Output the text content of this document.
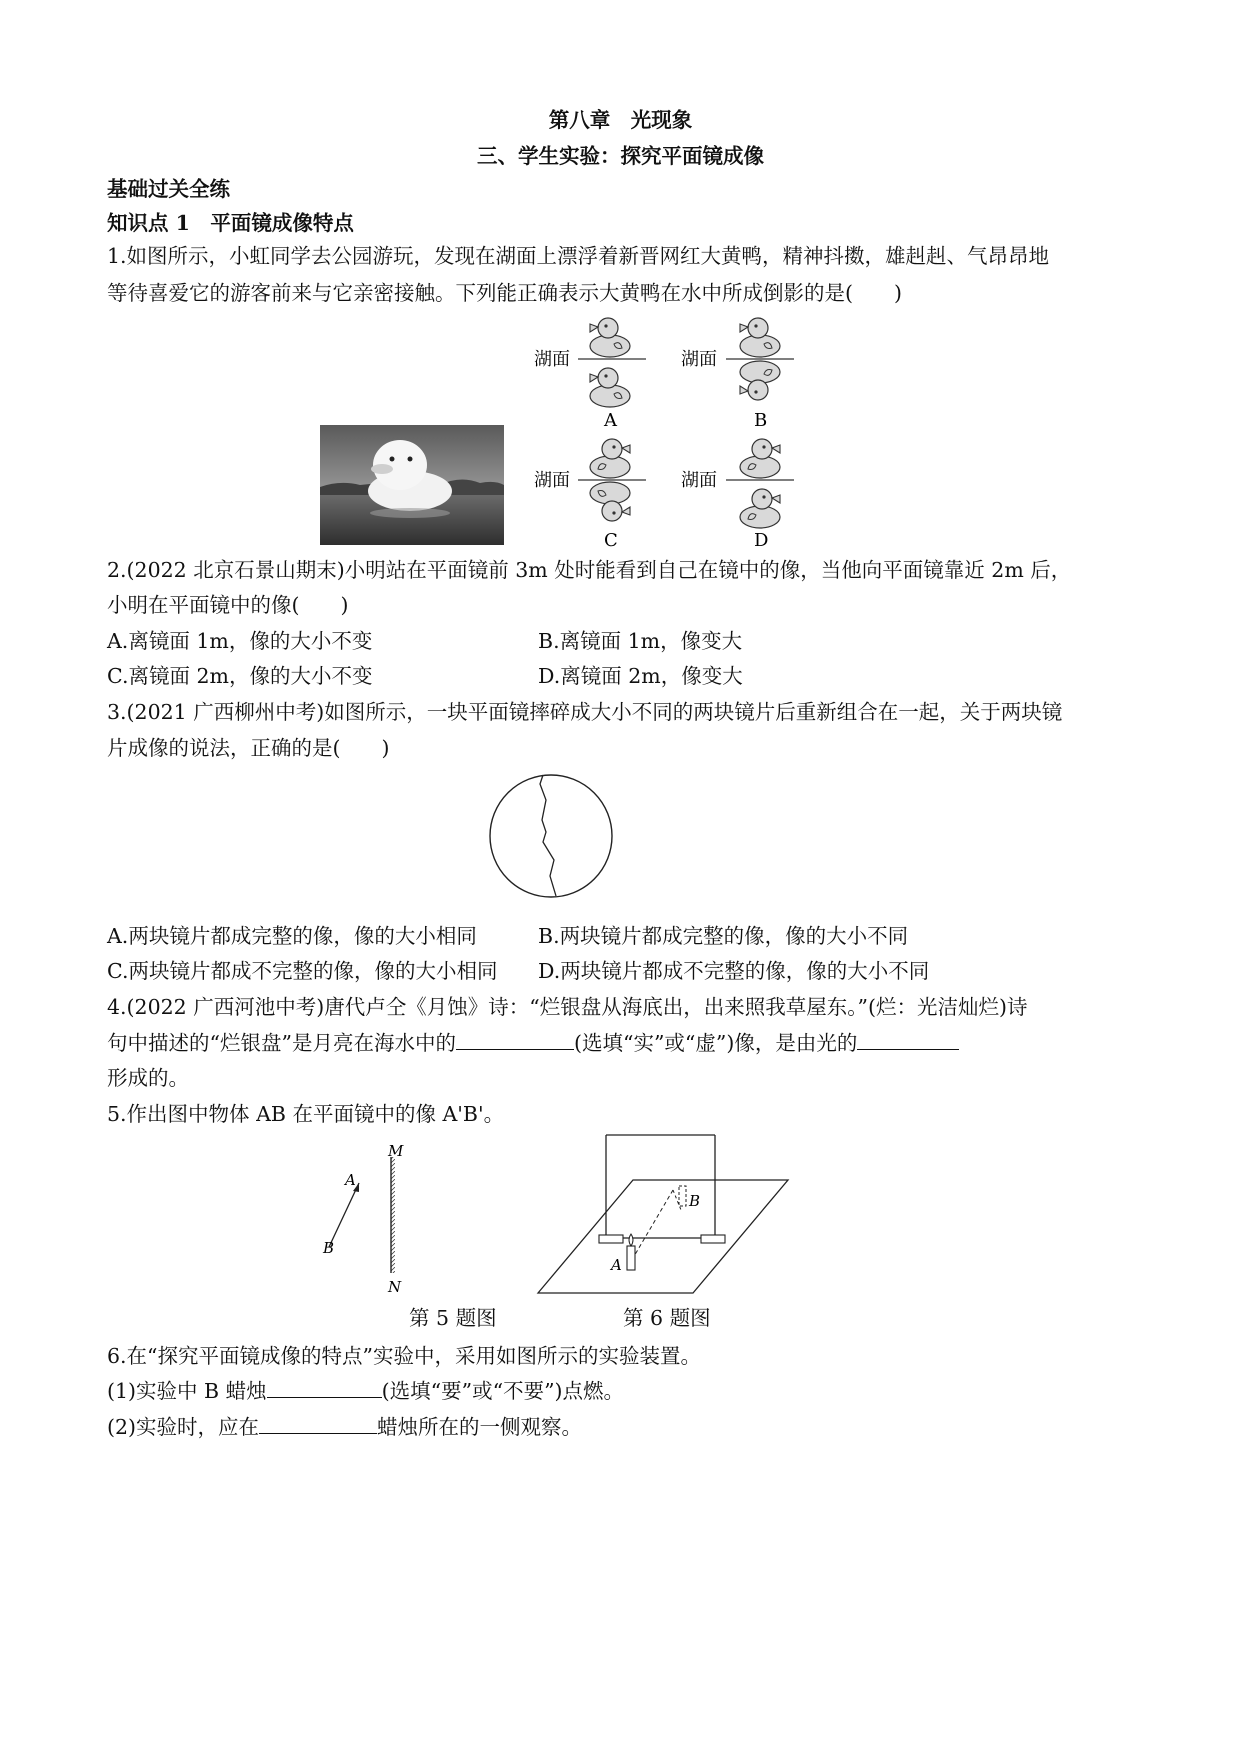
第八章　光现象
三、学生实验：探究平面镜成像
基础过关全练
知识点 1　平面镜成像特点
1.如图所示，小虹同学去公园游玩，发现在湖面上漂浮着新晋网红大黄鸭，精神抖擞，雄赳赳、气昂昂地
等待喜爱它的游客前来与它亲密接触。下列能正确表示大黄鸭在水中所成倒影的是(　　)
湖面
A
湖面
B
湖面
C
湖面
D
2.(2022 北京石景山期末)小明站在平面镜前 3m 处时能看到自己在镜中的像，当他向平面镜靠近 2m 后，
小明在平面镜中的像(　　)
A.离镜面 1m，像的大小不变	B.离镜面 1m，像变大
C.离镜面 2m，像的大小不变	D.离镜面 2m，像变大
3.(2021 广西柳州中考)如图所示，一块平面镜摔碎成大小不同的两块镜片后重新组合在一起，关于两块镜
片成像的说法，正确的是(　　)
A.两块镜片都成完整的像，像的大小相同	B.两块镜片都成完整的像，像的大小不同
C.两块镜片都成不完整的像，像的大小相同 D.两块镜片都成不完整的像，像的大小不同
4.(2022 广西河池中考)唐代卢仝《月蚀》诗：“烂银盘从海底出，出来照我草屋东。”(烂：光洁灿烂)诗
句中描述的“烂银盘”是月亮在海水中的	(选填“实”或“虚”)像，是由光的
形成的。
5.作出图中物体 AB 在平面镜中的像 A'B'。
M
N
A
B
A
B
第 5 题图	第 6 题图
6.在“探究平面镜成像的特点”实验中，采用如图所示的实验装置。
(1)实验中 B 蜡烛	(选填“要”或“不要”)点燃。
(2)实验时，应在	蜡烛所在的一侧观察。
